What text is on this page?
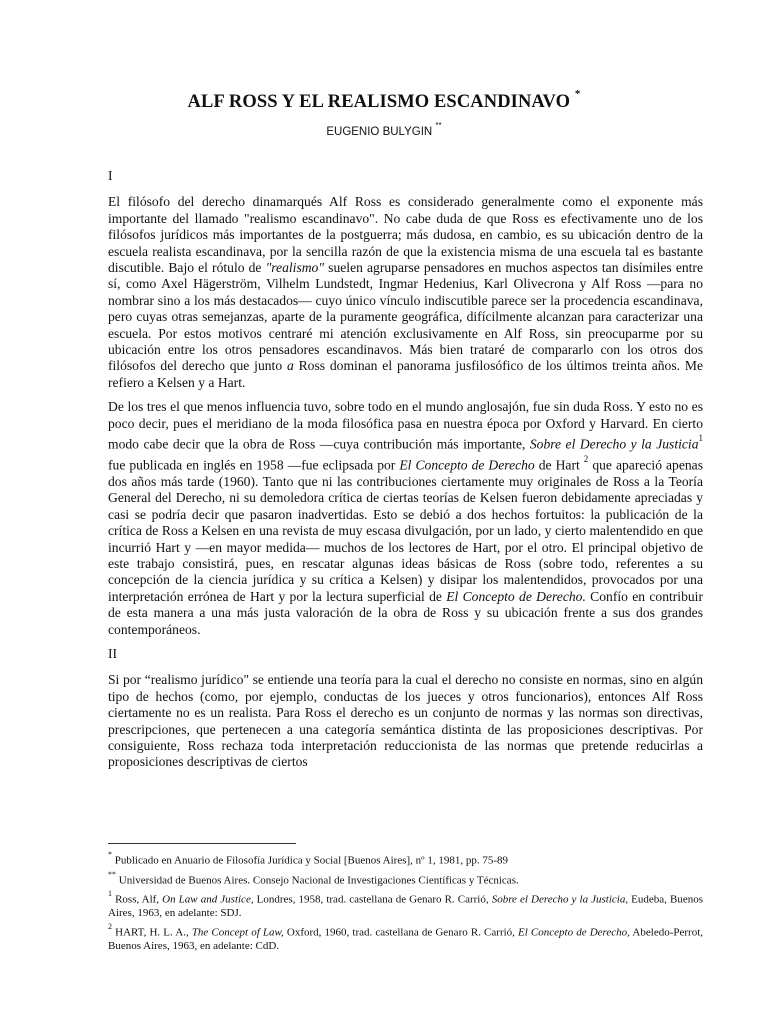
ALF ROSS Y EL REALISMO ESCANDINAVO *
EUGENIO BULYGIN **
I
El filósofo del derecho dinamarqués Alf Ross es considerado generalmente como el exponente más importante del llamado "realismo escandinavo". No cabe duda de que Ross es efectivamente uno de los filósofos jurídicos más importantes de la postguerra; más dudosa, en cambio, es su ubicación dentro de la escuela realista escandinava, por la sencilla razón de que la existencia misma de una escuela tal es bastante discutible. Bajo el rótulo de "realismo" suelen agruparse pensadores en muchos aspectos tan disímiles entre sí, como Axel Hägerström, Vilhelm Lundstedt, Ingmar Hedenius, Karl Olivecrona y Alf Ross —para no nombrar sino a los más destacados— cuyo único vínculo indiscutible parece ser la procedencia escandinava, pero cuyas otras semejanzas, aparte de la puramente geográfica, difícilmente alcanzan para caracterizar una escuela. Por estos motivos centraré mi atención exclusivamente en Alf Ross, sin preocuparme por su ubicación entre los otros pensadores escandinavos. Más bien trataré de compararlo con los otros dos filósofos del derecho que junto a Ross dominan el panorama jusfilosófico de los últimos treinta años. Me refiero a Kelsen y a Hart.
De los tres el que menos influencia tuvo, sobre todo en el mundo anglosajón, fue sin duda Ross. Y esto no es poco decir, pues el meridiano de la moda filosófica pasa en nuestra época por Oxford y Harvard. En cierto modo cabe decir que la obra de Ross —cuya contribución más importante, Sobre el Derecho y la Justicia$^1$ fue publicada en inglés en 1958 —fue eclipsada por El Concepto de Derecho de Hart $^2$ que apareció apenas dos años más tarde (1960). Tanto que ni las contribuciones ciertamente muy originales de Ross a la Teoría General del Derecho, ni su demoledora crítica de ciertas teorías de Kelsen fueron debidamente apreciadas y casi se podría decir que pasaron inadvertidas. Esto se debió a dos hechos fortuitos: la publicación de la crítica de Ross a Kelsen en una revista de muy escasa divulgación, por un lado, y cierto malentendido en que incurrió Hart y —en mayor medida— muchos de los lectores de Hart, por el otro. El principal objetivo de este trabajo consistirá, pues, en rescatar algunas ideas básicas de Ross (sobre todo, referentes a su concepción de la ciencia jurídica y su crítica a Kelsen) y disipar los malentendidos, provocados por una interpretación errónea de Hart y por la lectura superficial de El Concepto de Derecho. Confío en contribuir de esta manera a una más justa valoración de la obra de Ross y su ubicación frente a sus dos grandes contemporáneos.
II
Si por “realismo jurídico" se entiende una teoría para la cual el derecho no consiste en normas, sino en algún tipo de hechos (como, por ejemplo, conductas de los jueces y otros funcionarios), entonces Alf Ross ciertamente no es un realista. Para Ross el derecho es un conjunto de normas y las normas son directivas, prescripciones, que pertenecen a una categoría semántica distinta de las proposiciones descriptivas. Por consiguiente, Ross rechaza toda interpretación reduccionista de las normas que pretende reducirlas a proposiciones descriptivas de ciertos
* Publicado en Anuario de Filosofía Jurídica y Social [Buenos Aires], nº 1, 1981, pp. 75-89
** Universidad de Buenos Aires. Consejo Nacional de Investigaciones Científicas y Técnicas.
$^1$ Ross, Alf, On Law and Justice, Londres, 1958, trad. castellana de Genaro R. Carrió, Sobre el Derecho y la Justicia, Eudeba, Buenos Aires, 1963, en adelante: SDJ.
$^2$ HART, H. L. A., The Concept of Law, Oxford, 1960, trad. castellana de Genaro R. Carrió, El Concepto de Derecho, Abeledo-Perrot, Buenos Aires, 1963, en adelante: CdD.
